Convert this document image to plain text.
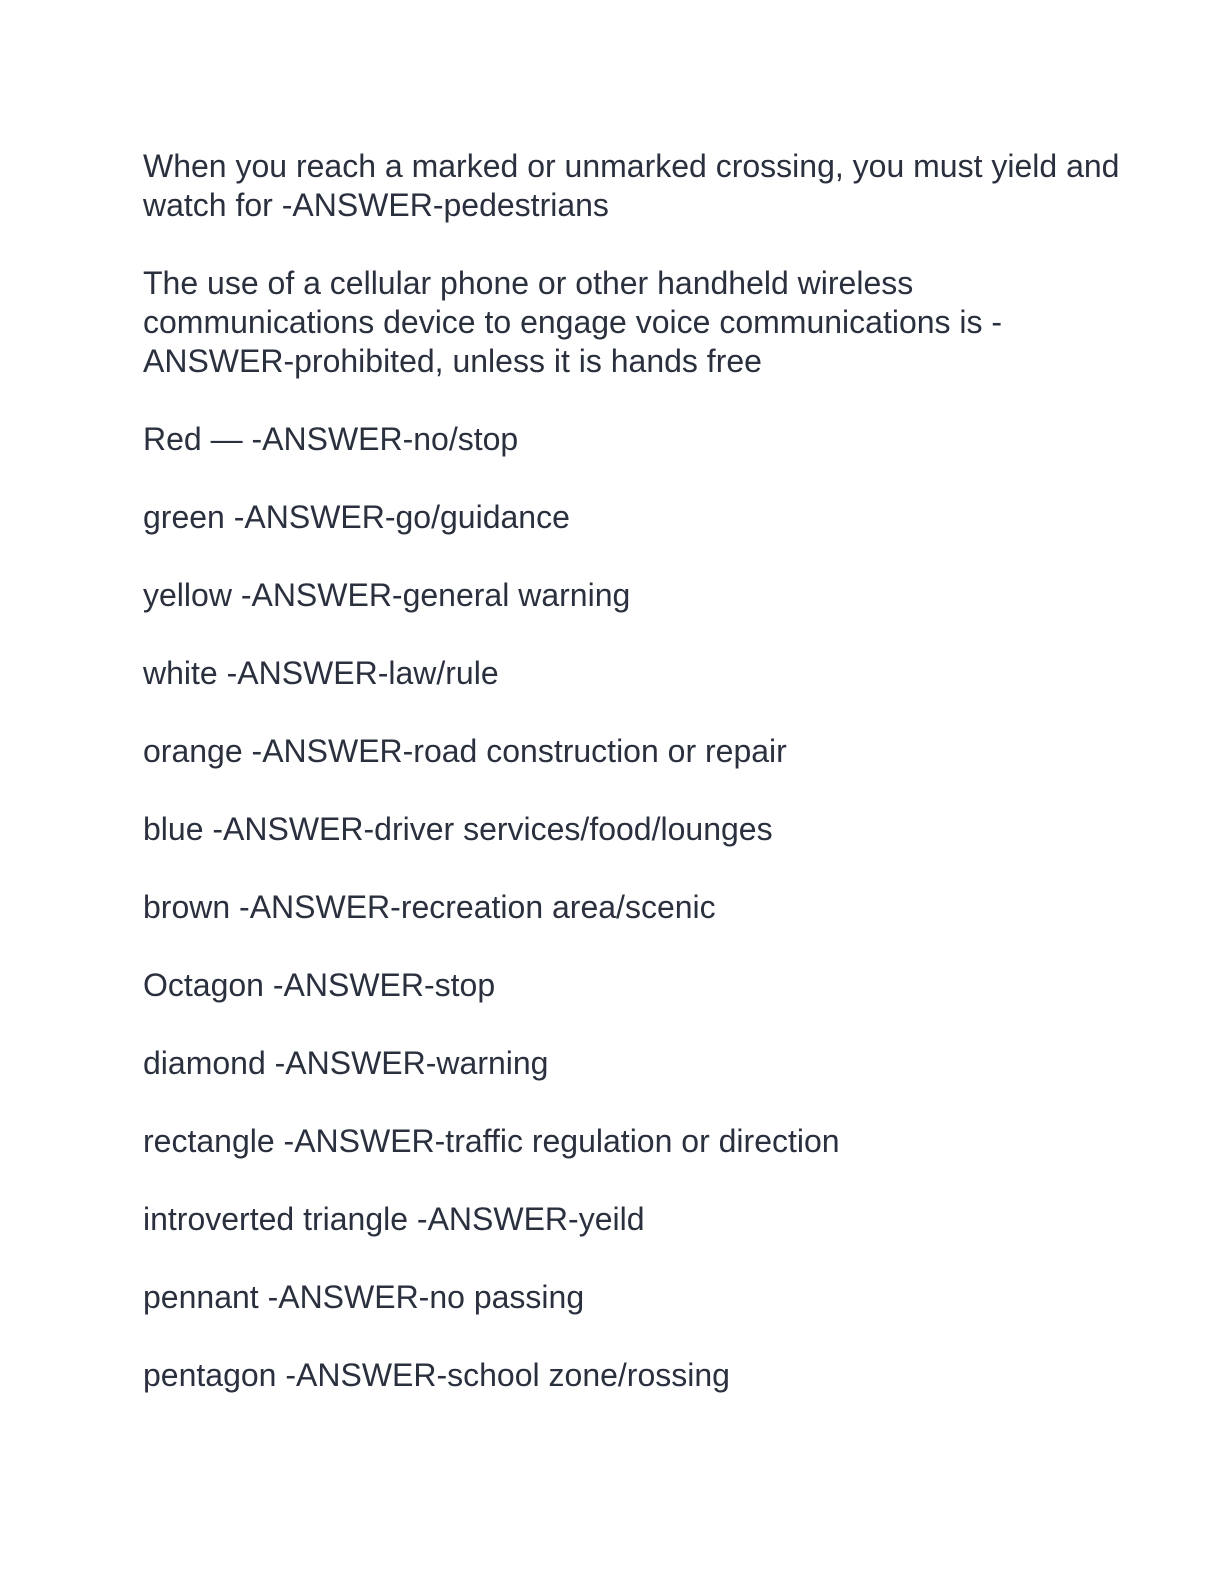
When you reach a marked or unmarked crossing, you must yield and
watch for -ANSWER-pedestrians
The use of a cellular phone or other handheld wireless
communications device to engage voice communications is -
ANSWER-prohibited, unless it is hands free
Red — -ANSWER-no/stop
green -ANSWER-go/guidance
yellow -ANSWER-general warning
white -ANSWER-law/rule
orange -ANSWER-road construction or repair
blue -ANSWER-driver services/food/lounges
brown -ANSWER-recreation area/scenic
Octagon -ANSWER-stop
diamond -ANSWER-warning
rectangle -ANSWER-traffic regulation or direction
introverted triangle -ANSWER-yeild
pennant -ANSWER-no passing
pentagon -ANSWER-school zone/rossing
